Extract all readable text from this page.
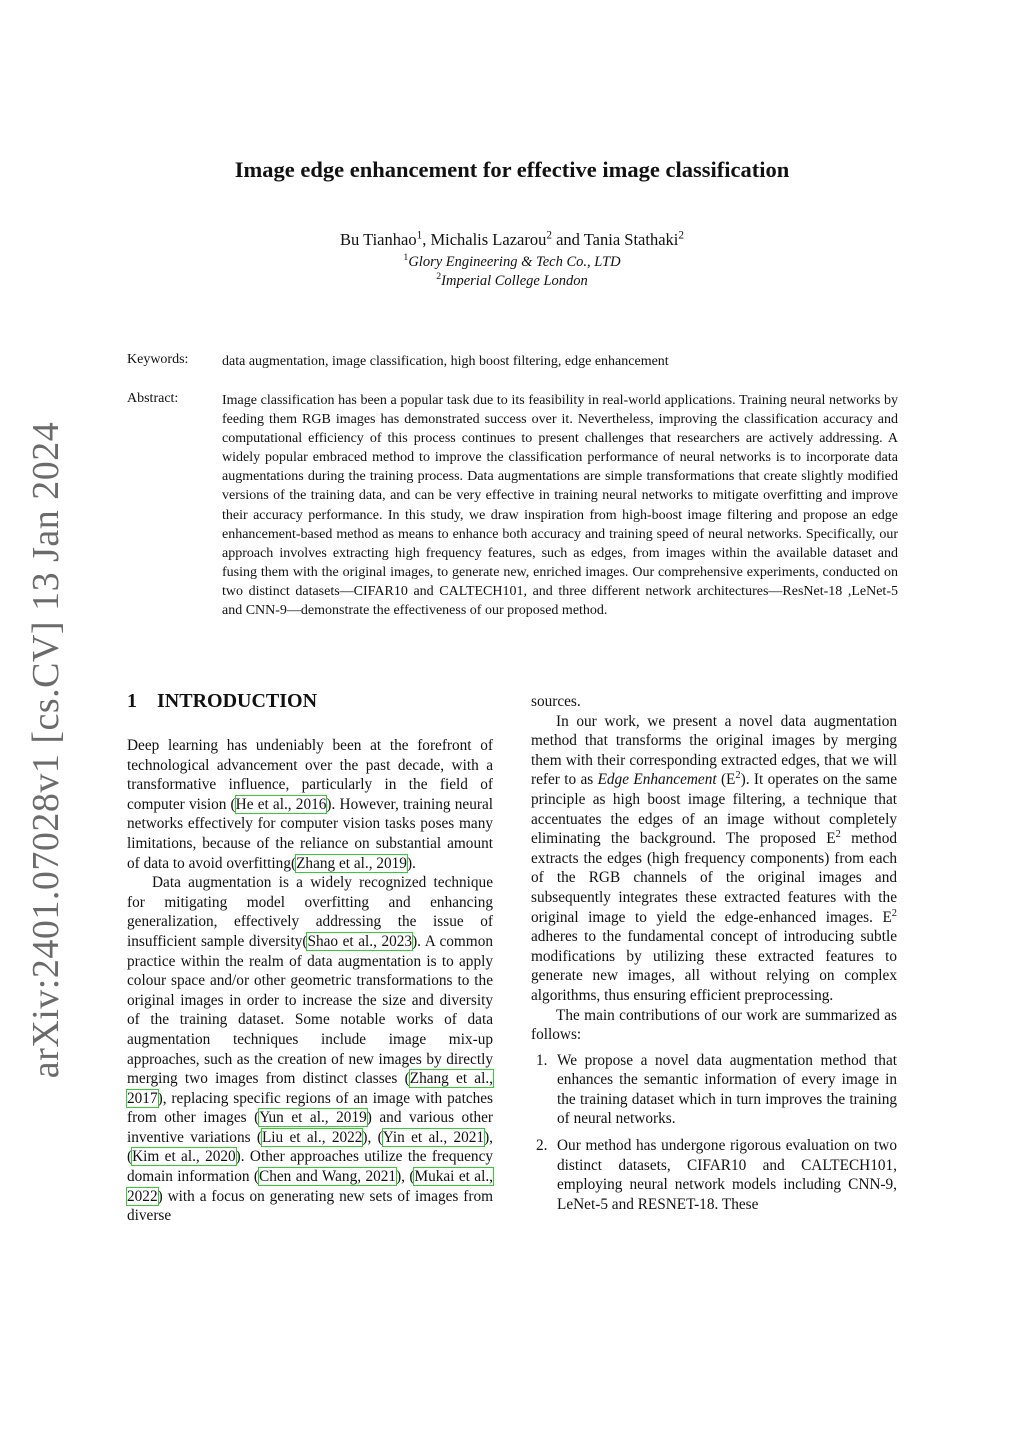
arXiv:2401.07028v1 [cs.CV] 13 Jan 2024
Image edge enhancement for effective image classification
Bu Tianhao$^1$, Michalis Lazarou$^2$ and Tania Stathaki$^2$
$^1$Glory Engineering & Tech Co., LTD
$^2$Imperial College London
Keywords: data augmentation, image classification, high boost filtering, edge enhancement

Abstract:	Image classification has been a popular task due to its feasibility in real-world applications. Training neural networks by feeding them RGB images has demonstrated success over it. Nevertheless, improving the classification accuracy and computational efficiency of this process continues to present challenges that researchers are actively addressing. A widely popular embraced method to improve the classification performance of neural networks is to incorporate data augmentations during the training process. Data augmentations are simple transformations that create slightly modified versions of the training data, and can be very effective in training neural networks to mitigate overfitting and improve their accuracy performance. In this study, we draw inspiration from high-boost image filtering and propose an edge enhancement-based method as means to enhance both accuracy and training speed of neural networks. Specifically, our approach involves extracting high frequency features, such as edges, from images within the available dataset and fusing them with the original images, to generate new, enriched images. Our comprehensive experiments, conducted on two distinct datasets—CIFAR10 and CALTECH101, and three different network architectures—ResNet-18 ,LeNet-5 and CNN-9—demonstrate the effectiveness of our proposed method.

1 INTRODUCTION

Deep learning has undeniably been at the forefront of technological advancement over the past decade, with a transformative influence, particularly in the field of computer vision (He et al., 2016). However, training neural networks effectively for computer vision tasks poses many limitations, because of the reliance on substantial amount of data to avoid overfitting(Zhang et al., 2019).

Data augmentation is a widely recognized technique for mitigating model overfitting and enhancing generalization, effectively addressing the issue of insufficient sample diversity(Shao et al., 2023). A common practice within the realm of data augmentation is to apply colour space and/or other geometric transformations to the original images in order to increase the size and diversity of the training dataset. Some notable works of data augmentation techniques include image mix-up approaches, such as the creation of new images by directly merging two images from distinct classes (Zhang et al., 2017), replacing specific regions of an image with patches from other images (Yun et al., 2019) and various other inventive variations (Liu et al., 2022), (Yin et al., 2021), (Kim et al., 2020). Other approaches utilize the frequency domain information (Chen and Wang, 2021), (Mukai et al., 2022) with a focus on generating new sets of images from diverse

sources.

In our work, we present a novel data augmentation method that transforms the original images by merging them with their corresponding extracted edges, that we will refer to as Edge Enhancement $(E^2)$. It operates on the same principle as high boost image filtering, a technique that accentuates the edges of an image without completely eliminating the background. The proposed $E^2$ method extracts the edges (high frequency components) from each of the RGB channels of the original images and subsequently integrates these extracted features with the original image to yield the edge-enhanced images. $E^2$ adheres to the fundamental concept of introducing subtle modifications by utilizing these extracted features to generate new images, all without relying on complex algorithms, thus ensuring efficient preprocessing.

The main contributions of our work are summarized as follows:

1. We propose a novel data augmentation method that enhances the semantic information of every image in the training dataset which in turn improves the training of neural networks.
2. Our method has undergone rigorous evaluation on two distinct datasets, CIFAR10 and CALTECH101, employing neural network models including CNN-9, LeNet-5 and RESNET-18. These
